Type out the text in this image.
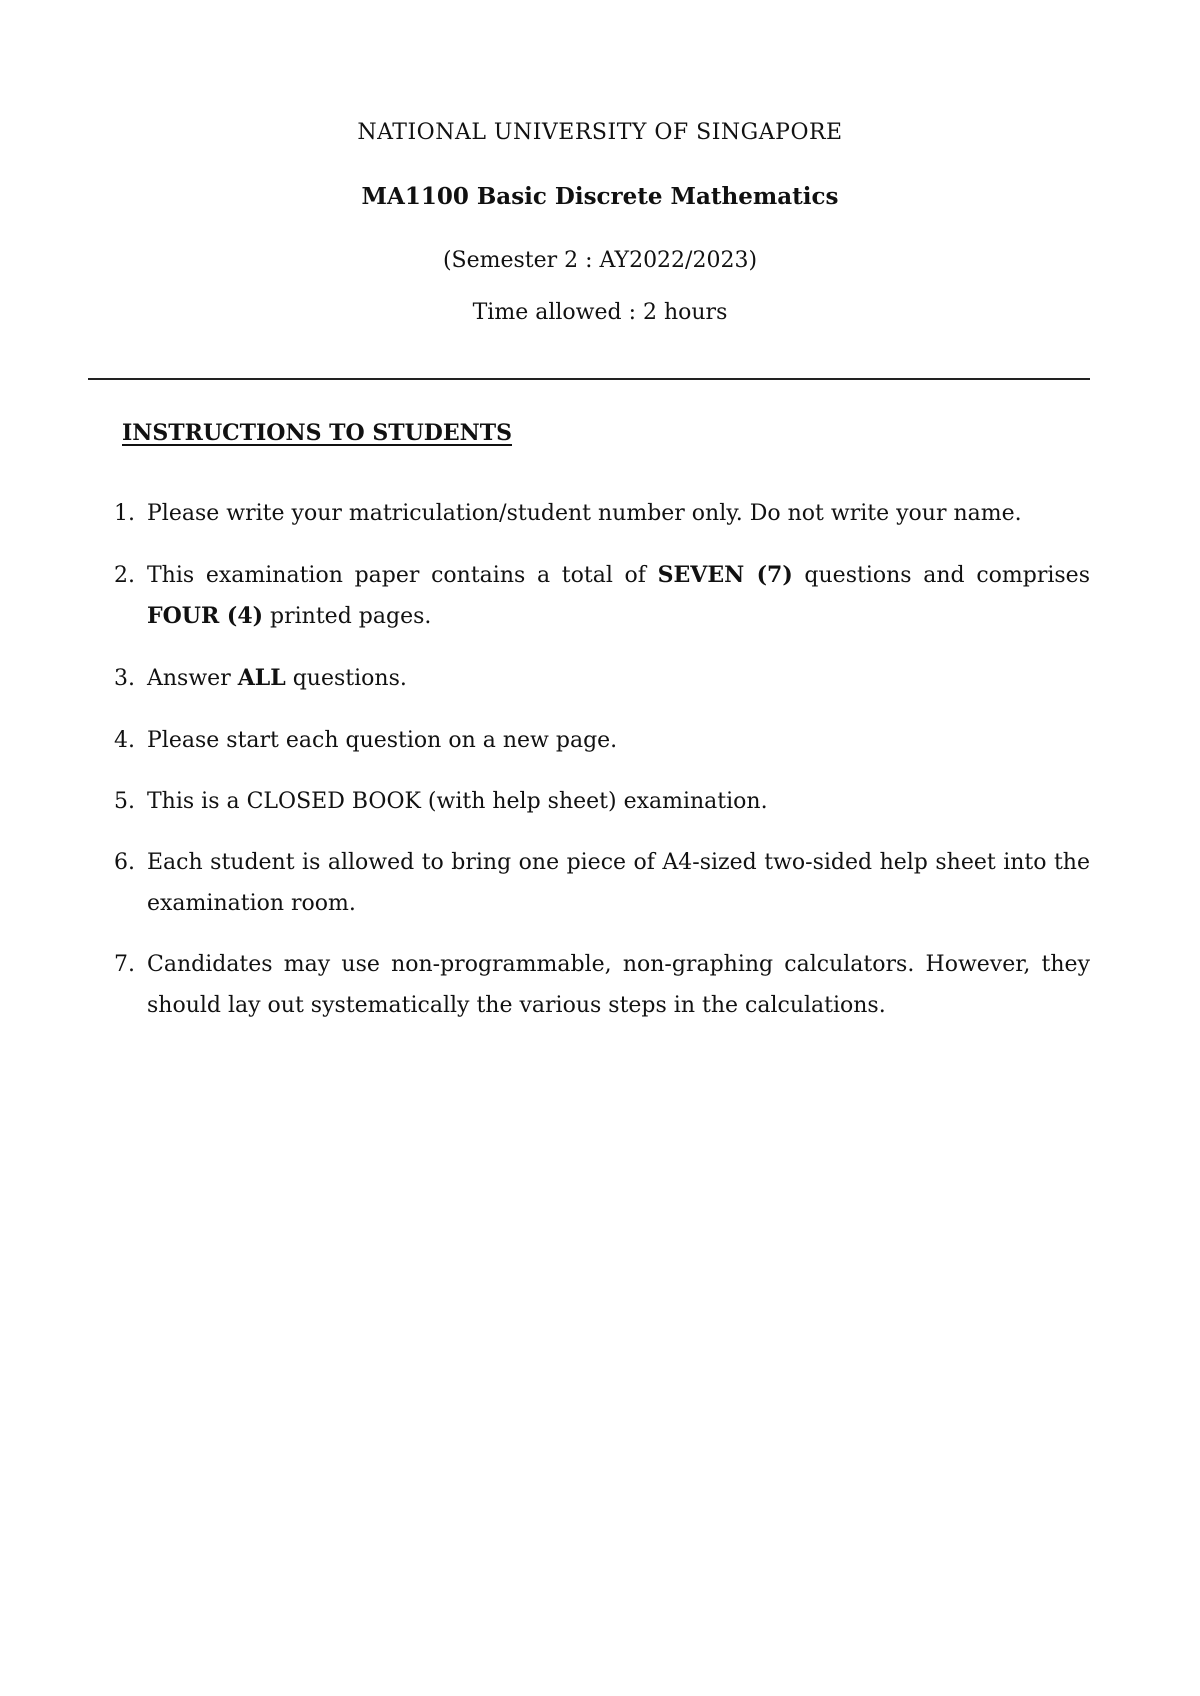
NATIONAL UNIVERSITY OF SINGAPORE
MA1100 Basic Discrete Mathematics
(Semester 2 : AY2022/2023)
Time allowed : 2 hours
INSTRUCTIONS TO STUDENTS
1. Please write your matriculation/student number only. Do not write your name.
2. This examination paper contains a total of SEVEN (7) questions and comprises FOUR (4) printed pages.
3. Answer ALL questions.
4. Please start each question on a new page.
5. This is a CLOSED BOOK (with help sheet) examination.
6. Each student is allowed to bring one piece of A4-sized two-sided help sheet into the examination room.
7. Candidates may use non-programmable, non-graphing calculators. However, they should lay out systematically the various steps in the calculations.
